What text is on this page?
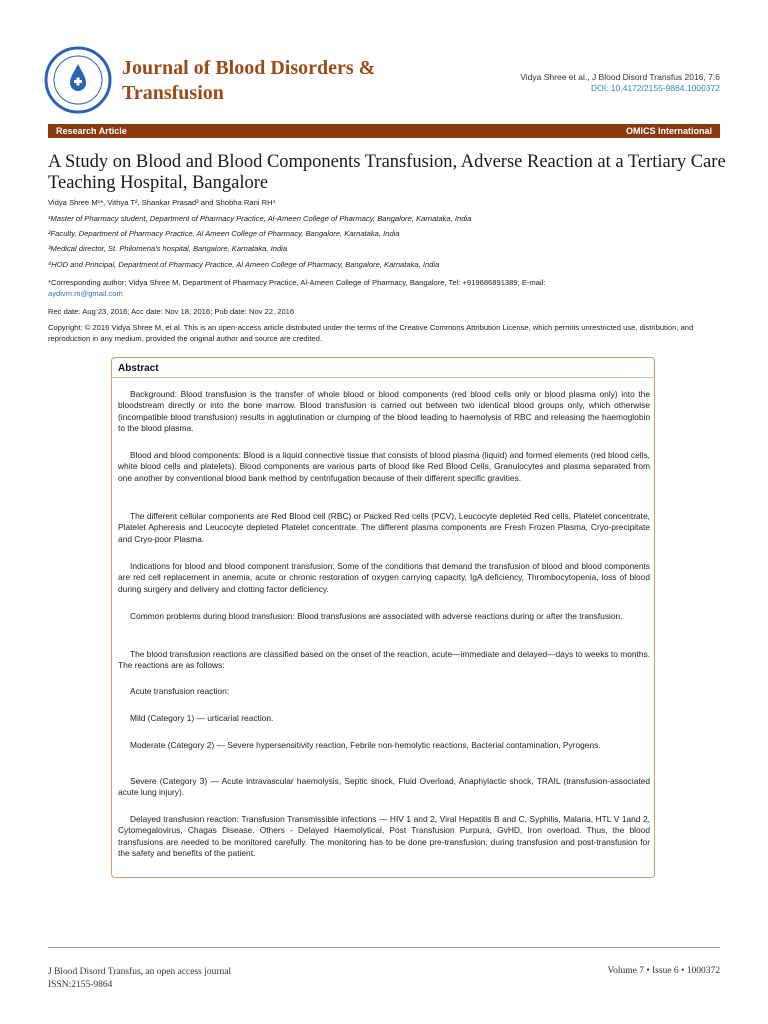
Journal of Blood Disorders & Transfusion
Vidya Shree et al., J Blood Disord Transfus 2016, 7:6
DOI: 10.4172/2155-9864.1000372
Research Article	OMICS International
A Study on Blood and Blood Components Transfusion, Adverse Reaction at a Tertiary Care Teaching Hospital, Bangalore
Vidya Shree M¹*, Vithya T², Shankar Prasad³ and Shobha Rani RH⁴
¹Master of Pharmacy student, Department of Pharmacy Practice, Al-Ameen College of Pharmacy, Bangalore, Karnataka, India
²Faculty, Department of Pharmacy Practice, Al Ameen College of Pharmacy, Bangalore, Karnataka, India
³Medical director, St. Philomena's hospital, Bangalore, Karnataka, India
⁴HOD and Principal, Department of Pharmacy Practice, Al Ameen College of Pharmacy, Bangalore, Karnataka, India
*Corresponding author: Vidya Shree M, Department of Pharmacy Practice, Al-Ameen College of Pharmacy, Bangalore, Tel: +919686891389; E-mail:
aydivm.m@gmail.com
Rec date: Aug 23, 2016; Acc date: Nov 18, 2016; Pub date: Nov 22, 2016
Copyright: © 2016 Vidya Shree M, et al. This is an open-access article distributed under the terms of the Creative Commons Attribution License, which permits unrestricted use, distribution, and reproduction in any medium, provided the original author and source are credited.
Abstract

Background: Blood transfusion is the transfer of whole blood or blood components (red blood cells only or blood plasma only) into the bloodstream directly or into the bone marrow. Blood transfusion is carried out between two identical blood groups only, which otherwise (incompatible blood transfusion) results in agglutination or clumping of the blood leading to haemolysis of RBC and releasing the haemoglobin to the blood plasma.

Blood and blood components: Blood is a liquid connective tissue that consists of blood plasma (liquid) and formed elements (red blood cells, white blood cells and platelets). Blood components are various parts of blood like Red Blood Cells, Granulocytes and plasma separated from one another by conventional blood bank method by centrifugation because of their different specific gravities.

The different cellular components are Red Blood cell (RBC) or Packed Red cells (PCV), Leucocyte depleted Red cells, Platelet concentrate, Platelet Apheresis and Leucocyte depleted Platelet concentrate. The different plasma components are Fresh Frozen Plasma, Cryo-precipitate and Cryo-poor Plasma.

Indications for blood and blood component transfusion: Some of the conditions that demand the transfusion of blood and blood components are red cell replacement in anemia, acute or chronic restoration of oxygen carrying capacity, IgA deficiency, Thrombocytopenia, loss of blood during surgery and delivery and clotting factor deficiency.

Common problems during blood transfusion: Blood transfusions are associated with adverse reactions during or after the transfusion.

The blood transfusion reactions are classified based on the onset of the reaction, acute—immediate and delayed—days to weeks to months. The reactions are as follows:

Acute transfusion reaction:

Mild (Category 1) — urticarial reaction.

Moderate (Category 2) — Severe hypersensitivity reaction, Febrile non-hemolytic reactions, Bacterial contamination, Pyrogens.

Severe (Category 3) — Acute intravascular haemolysis, Septic shock, Fluid Overload, Anaphylactic shock, TRAIL (transfusion-associated acute lung injury).

Delayed transfusion reaction: Transfusion Transmissible infections — HIV 1 and 2, Viral Hepatitis B and C, Syphilis, Malaria, HTL V 1and 2, Cytomegalovirus, Chagas Disease. Others - Delayed Haemolytical, Post Transfusion Purpura, GvHD, Iron overload. Thus, the blood transfusions are needed to be monitored carefully. The monitoring has to be done pre-transfusion, during transfusion and post-transfusion for the safety and benefits of the patient.

J Blood Disord Transfus, an open access journal
ISSN:2155-9864
Volume 7 • Issue 6 • 1000372
